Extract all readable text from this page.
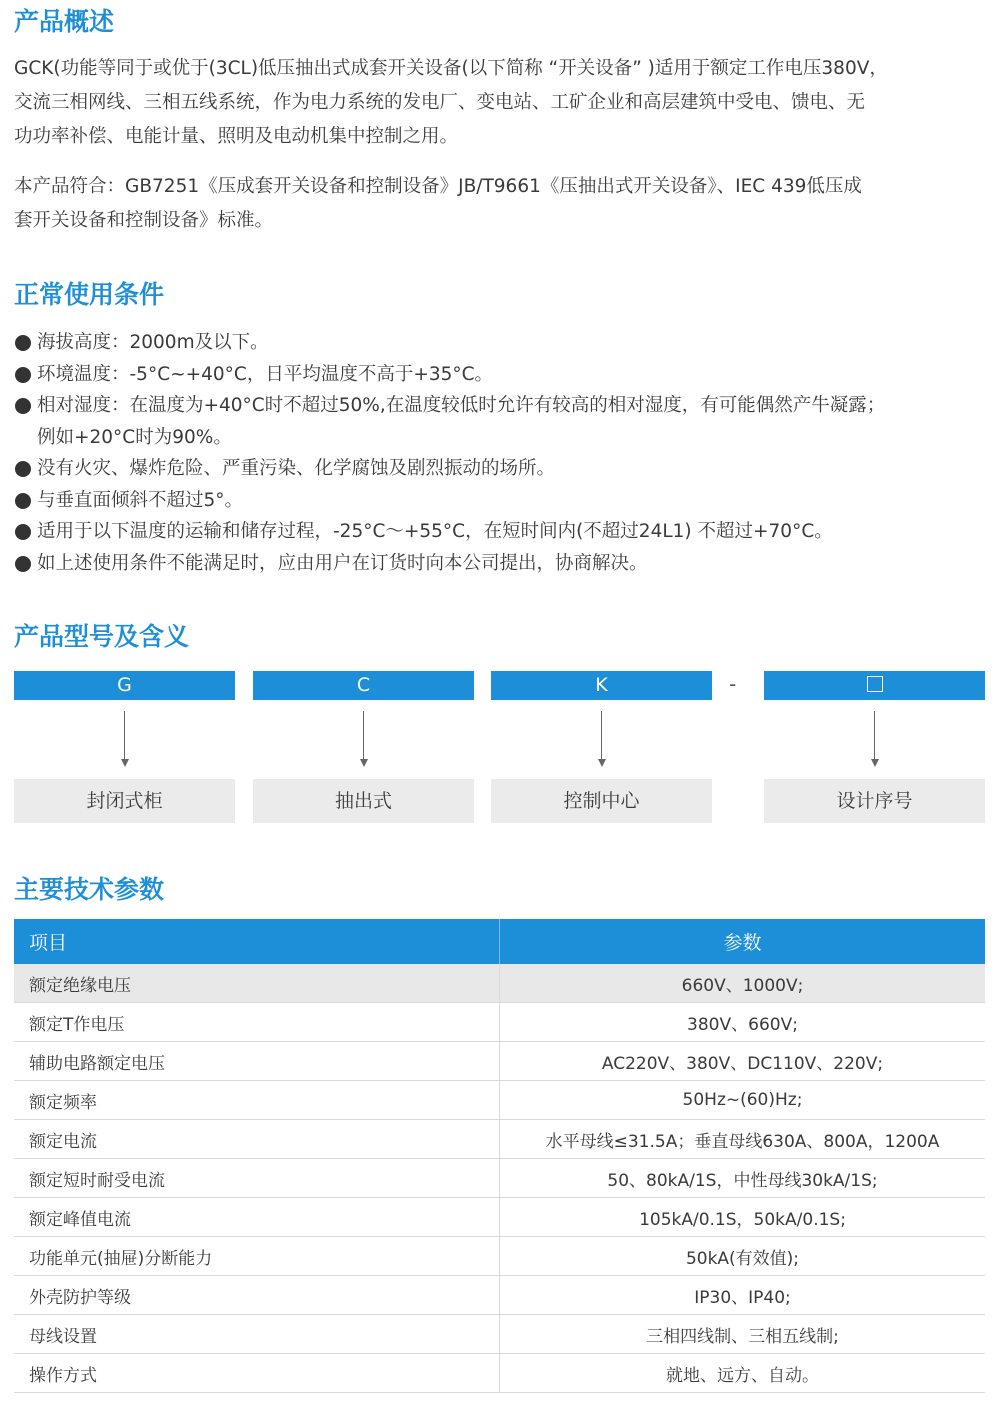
产品概述

GCK(功能等同于或优于(3CL)低压抽出式成套开关设备(以下简称 “开关设备” )适用于额定工作电压380V，
交流三相网线、三相五线系统，作为电力系统的发电厂、变电站、工矿企业和高层建筑中受电、馈电、无
功功率补偿、电能计量、照明及电动机集中控制之用。

本产品符合：GB7251《压成套开关设备和控制设备》JB/T9661《压抽出式开关设备》、IEC 439低压成
套开关设备和控制设备》标准。

正常使用条件
海拔高度：2000m及以下。
环境温度：-5°C~+40°C，日平均温度不高于+35°C。
相对湿度：在温度为+40°C时不超过50%,在温度较低时允许有较高的相对湿度，有可能偶然产牛凝露；
例如+20°C时为90%。
没有火灾、爆炸危险、严重污染、化学腐蚀及剧烈振动的场所。
与垂直面倾斜不超过5°。
适用于以下温度的运输和储存过程，-25°C～+55°C，在短时间内(不超过24L1) 不超过+70°C。
如上述使用条件不能满足时，应由用户在订货时向本公司提出，协商解决。
产品型号及含义
G	C	K	-
封闭式柜	抽出式	控制中心	设计序号
主要技术参数
项目	参数
额定绝缘电压	660V、1000V;
额定T作电压	380V、660V;
辅助电路额定电压	AC220V、380V、DC110V、220V;
额定频率	50Hz~(60)Hz;
额定电流	水平母线≤31.5A；垂直母线630A、800A，1200A
额定短时耐受电流	50、80kA/1S，中性母线30kA/1S;
额定峰值电流	105kA/0.1S，50kA/0.1S;
功能单元(抽屉)分断能力	50kA(有效值);
外壳防护等级	IP30、IP40;
母线设置	三相四线制、三相五线制;
操作方式	就地、远方、自动。
